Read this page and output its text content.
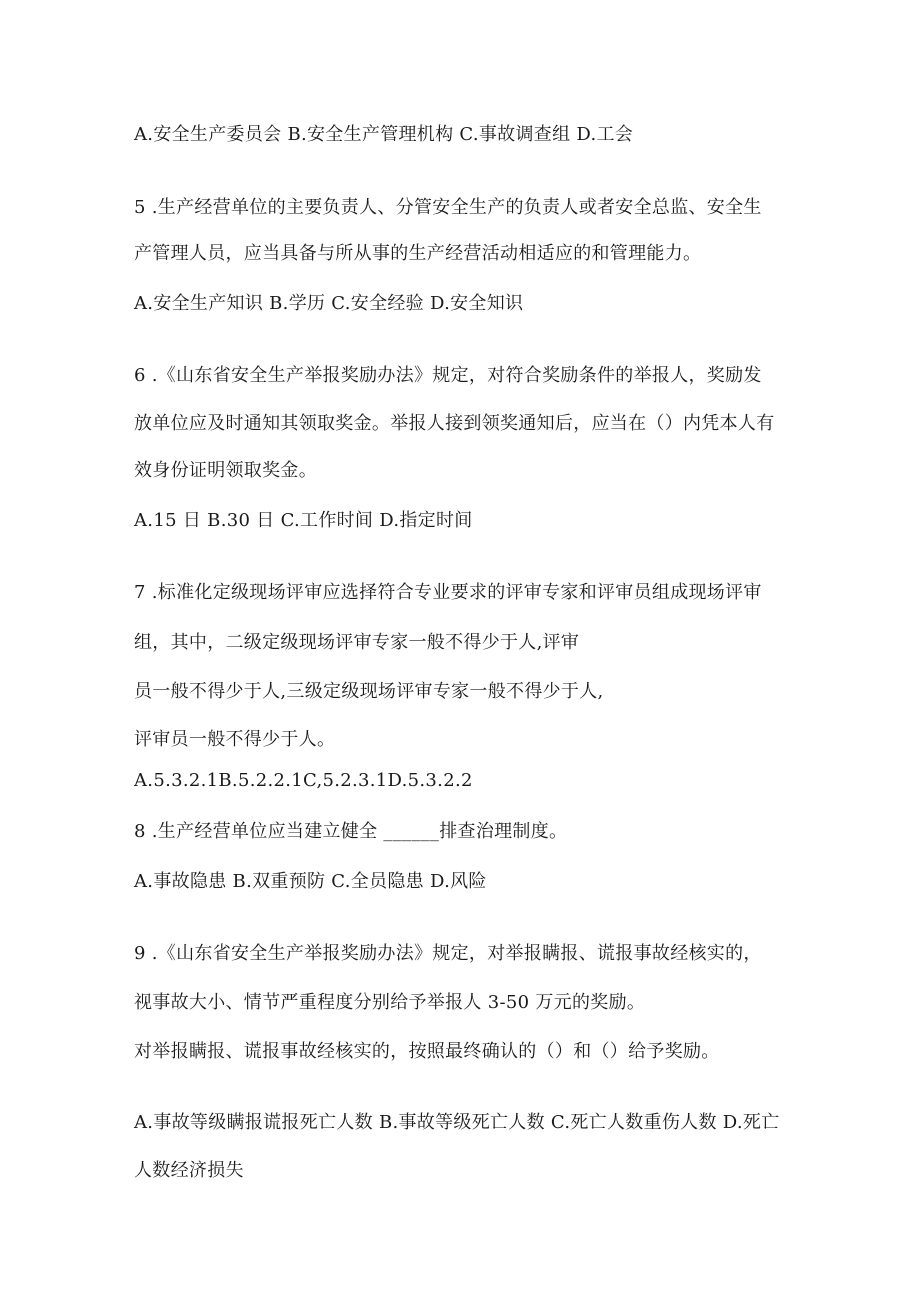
A.安全生产委员会 B.安全生产管理机构 C.事故调查组 D.工会
5 .生产经营单位的主要负责人、分管安全生产的负责人或者安全总监、安全生
产管理人员，应当具备与所从事的生产经营活动相适应的和管理能力。
A.安全生产知识 B.学历 C.安全经验 D.安全知识
6 .《山东省安全生产举报奖励办法》规定，对符合奖励条件的举报人，奖励发
放单位应及时通知其领取奖金。举报人接到领奖通知后，应当在（）内凭本人有
效身份证明领取奖金。
A.15 日 B.30 日 C.工作时间 D.指定时间
7 .标准化定级现场评审应选择符合专业要求的评审专家和评审员组成现场评审
组，其中，二级定级现场评审专家一般不得少于人,评审
员一般不得少于人,三级定级现场评审专家一般不得少于人,
评审员一般不得少于人。
A.5.3.2.1B.5.2.2.1C,5.2.3.1D.5.3.2.2
8 .生产经营单位应当建立健全 ______排查治理制度。
A.事故隐患 B.双重预防 C.全员隐患 D.风险
9 .《山东省安全生产举报奖励办法》规定，对举报瞒报、谎报事故经核实的，
视事故大小、情节严重程度分别给予举报人 3-50 万元的奖励。
对举报瞒报、谎报事故经核实的，按照最终确认的（）和（）给予奖励。
A.事故等级瞒报谎报死亡人数 B.事故等级死亡人数 C.死亡人数重伤人数 D.死亡
人数经济损失
